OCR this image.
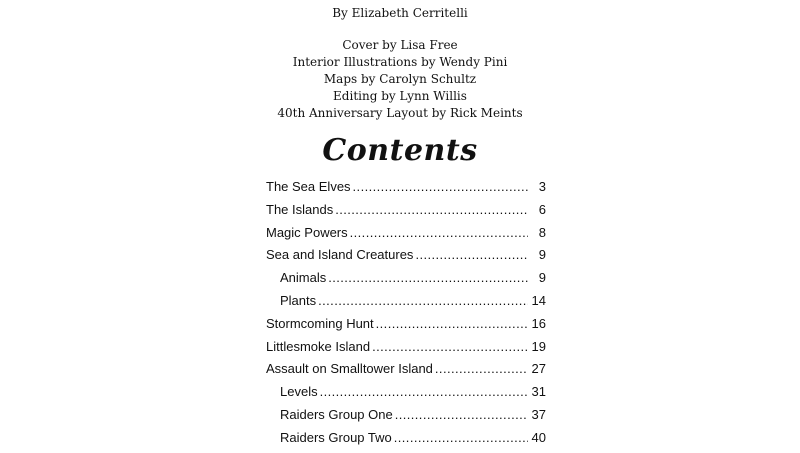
By Elizabeth Cerritelli
Cover by Lisa Free
Interior Illustrations by Wendy Pini
Maps by Carolyn Schultz
Editing by Lynn Willis
40th Anniversary Layout by Rick Meints
Contents
The Sea Elves .....	3
The Islands .....	6
Magic Powers .....	8
Sea and Island Creatures .....	9
Animals .....	9
Plants .....	14
Stormcoming Hunt .....	16
Littlesmoke Island .....	19
Assault on Smalltower Island .....	27
Levels .....	31
Raiders Group One .....	37
Raiders Group Two .....	40
